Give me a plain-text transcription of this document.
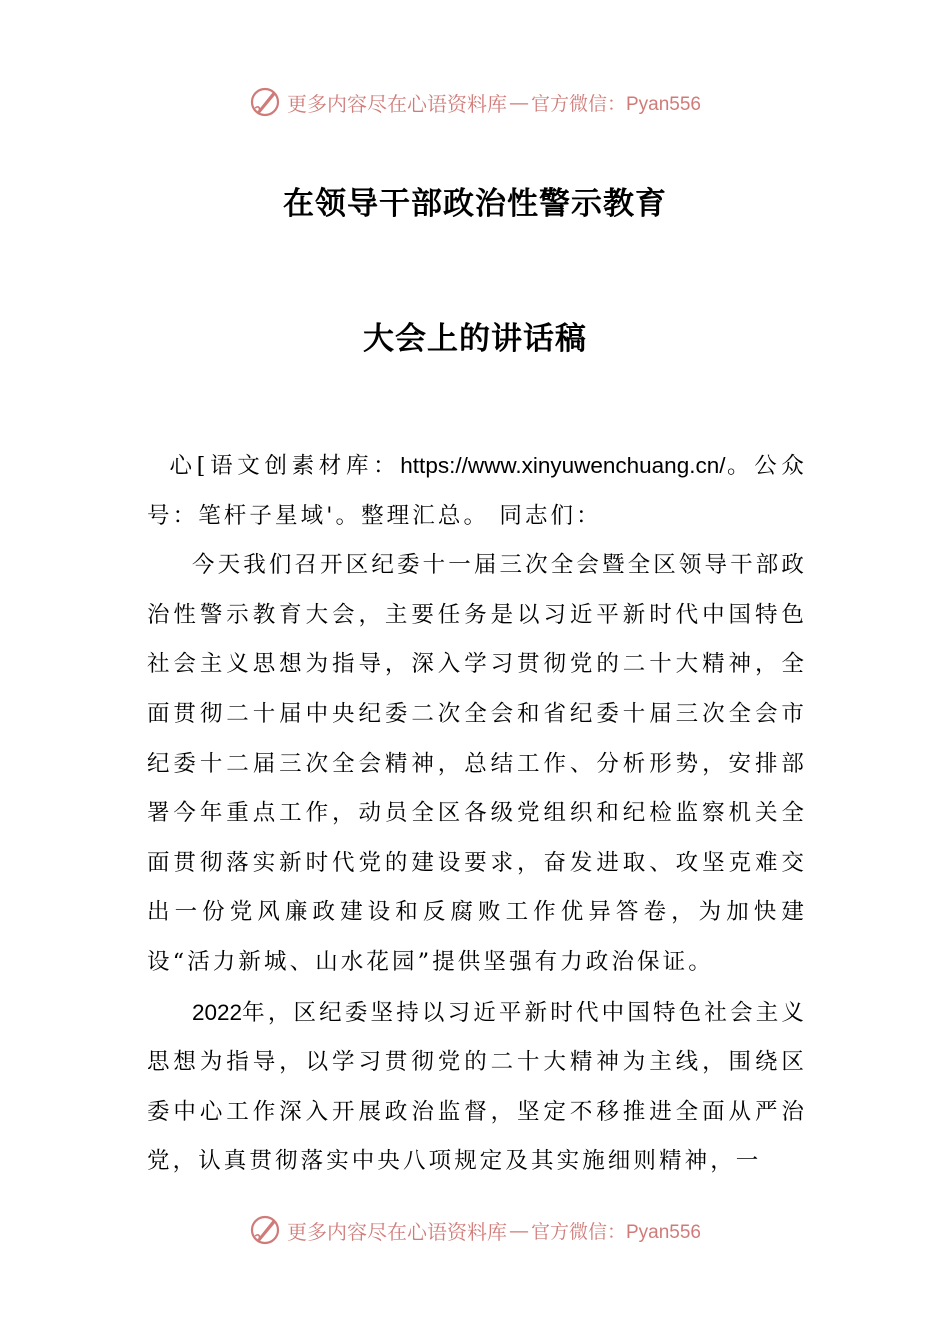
更多内容尽在心语资料库 — 官方微信：Pyan556
在领导干部政治性警示教育
大会上的讲话稿

心[语文创素材库：https://www.xinyuwenchuang.cn/。公众号：笔杆子星域'。整理汇总。 同志们：

今天我们召开区纪委十一届三次全会暨全区领导干部政治性警示教育大会，主要任务是以习近平新时代中国特色社会主义思想为指导，深入学习贯彻党的二十大精神，全面贯彻二十届中央纪委二次全会和省纪委十届三次全会市纪委十二届三次全会精神，总结工作、分析形势，安排部署今年重点工作，动员全区各级党组织和纪检监察机关全面贯彻落实新时代党的建设要求，奋发进取、攻坚克难交出一份党风廉政建设和反腐败工作优异答卷，为加快建设“活力新城、山水花园”提供坚强有力政治保证。

2022年，区纪委坚持以习近平新时代中国特色社会主义思想为指导，以学习贯彻党的二十大精神为主线，围绕区委中心工作深入开展政治监督，坚定不移推进全面从严治党，认真贯彻落实中央八项规定及其实施细则精神，一

更多内容尽在心语资料库 — 官方微信：Pyan556
